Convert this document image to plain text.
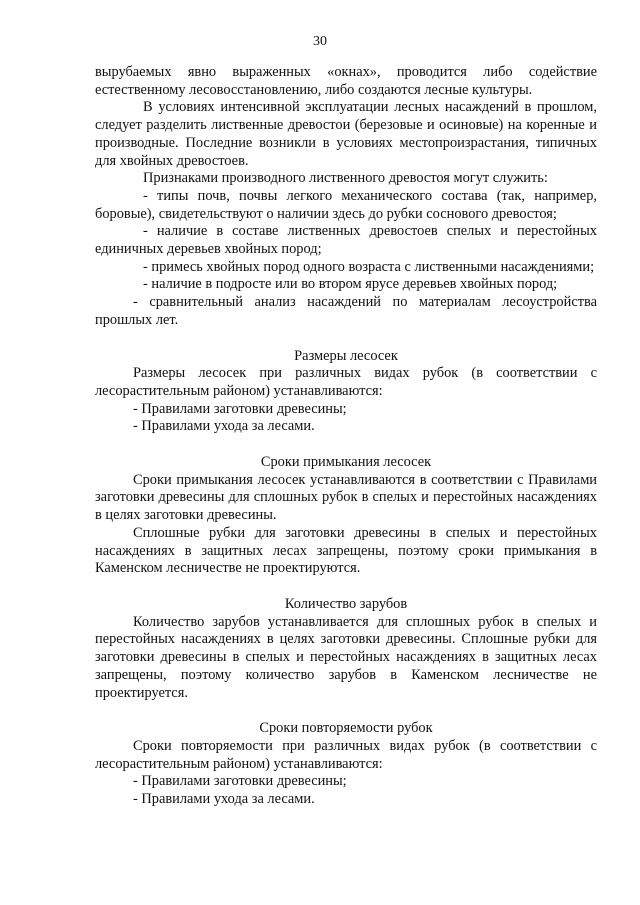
30

вырубаемых явно выраженных «окнах», проводится либо содействие естественному лесовосстановлению, либо создаются лесные культуры.

В условиях интенсивной эксплуатации лесных насаждений в прошлом, следует разделить лиственные древостои (березовые и осиновые) на коренные и производные. Последние возникли в условиях местопроизрастания, типичных для хвойных древостоев.

Признаками производного лиственного древостоя могут служить:

- типы почв, почвы легкого механического состава (так, например, боровые), свидетельствуют о наличии здесь до рубки соснового древостоя;

- наличие в составе лиственных древостоев спелых и перестойных единичных деревьев хвойных пород;

- примесь хвойных пород одного возраста с лиственными насаждениями;

- наличие в подросте или во втором ярусе деревьев хвойных пород;

- сравнительный анализ насаждений по материалам лесоустройства прошлых лет.

Размеры лесосек

Размеры лесосек при различных видах рубок (в соответствии с лесорастительным районом) устанавливаются:

- Правилами заготовки древесины;

- Правилами ухода за лесами.

Сроки примыкания лесосек

Сроки примыкания лесосек устанавливаются в соответствии с Правилами заготовки древесины для сплошных рубок в спелых и перестойных насаждениях в целях заготовки древесины.

Сплошные рубки для заготовки древесины в спелых и перестойных насаждениях в защитных лесах запрещены, поэтому сроки примыкания в Каменском лесничестве не проектируются.

Количество зарубов

Количество зарубов устанавливается для сплошных рубок в спелых и перестойных насаждениях в целях заготовки древесины. Сплошные рубки для заготовки древесины в спелых и перестойных насаждениях в защитных лесах запрещены, поэтому количество зарубов в Каменском лесничестве не проектируется.

Сроки повторяемости рубок

Сроки повторяемости при различных видах рубок (в соответствии с лесорастительным районом) устанавливаются:

- Правилами заготовки древесины;

- Правилами ухода за лесами.
